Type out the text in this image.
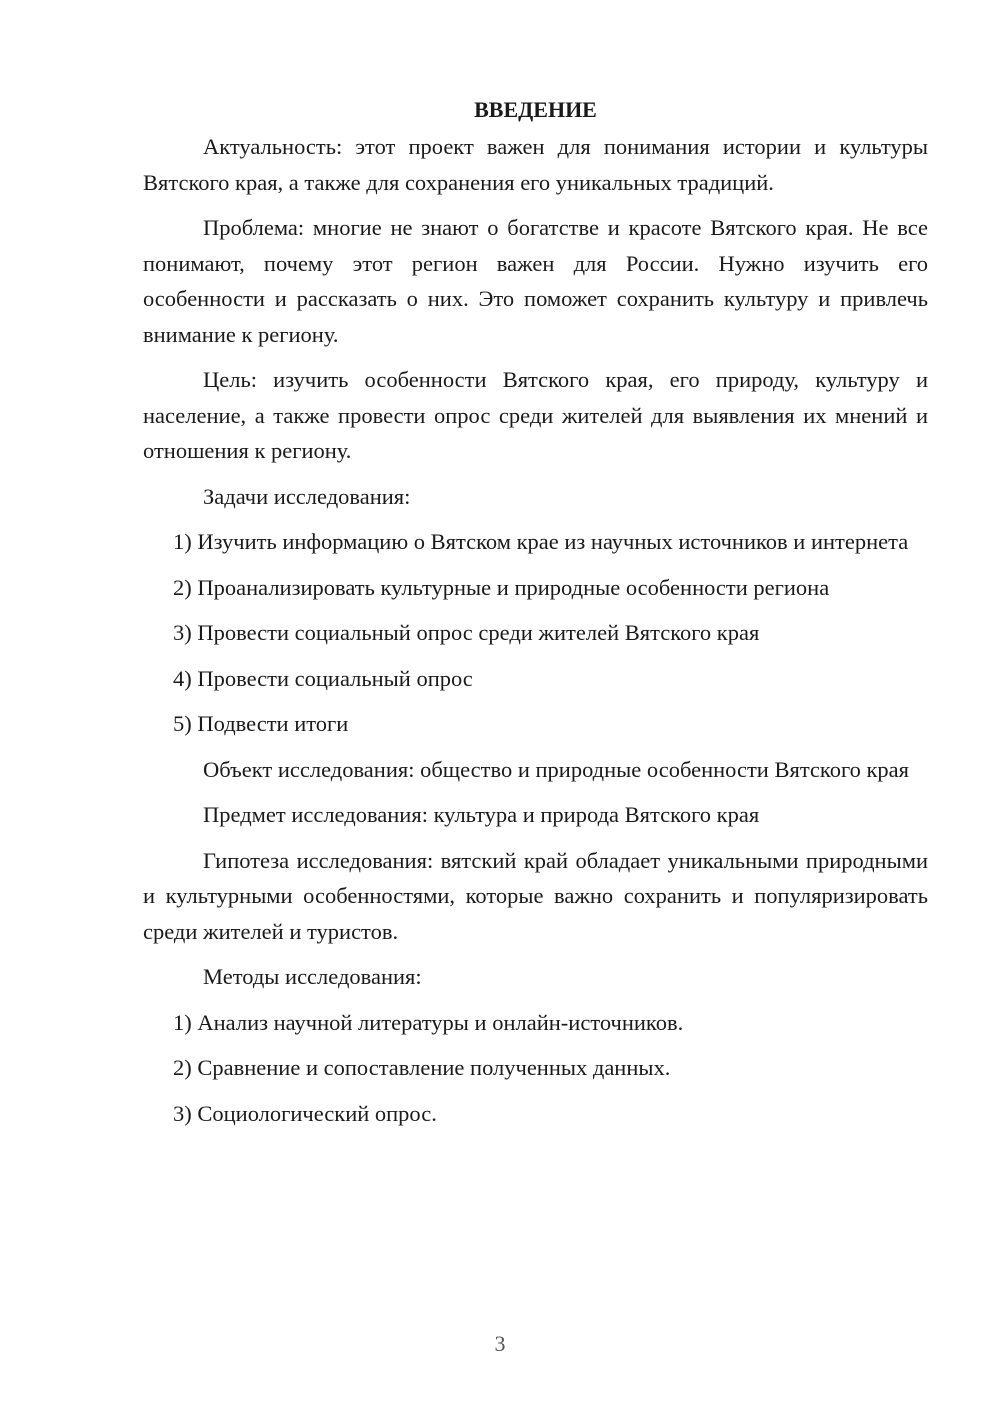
ВВЕДЕНИЕ

Актуальность: этот проект важен для понимания истории и культуры Вятского края, а также для сохранения его уникальных традиций.

Проблема: многие не знают о богатстве и красоте Вятского края. Не все понимают, почему этот регион важен для России. Нужно изучить его особенности и рассказать о них. Это поможет сохранить культуру и привлечь внимание к региону.

Цель: изучить особенности Вятского края, его природу, культуру и население, а также провести опрос среди жителей для выявления их мнений и отношения к региону.

Задачи исследования:

1) Изучить информацию о Вятском крае из научных источников и интернета

2) Проанализировать культурные и природные особенности региона

3) Провести социальный опрос среди жителей Вятского края

4) Провести социальный опрос

5) Подвести итоги

Объект исследования: общество и природные особенности Вятского края

Предмет исследования: культура и природа Вятского края

Гипотеза исследования: вятский край обладает уникальными природными и культурными особенностями, которые важно сохранить и популяризировать среди жителей и туристов.

Методы исследования:

1) Анализ научной литературы и онлайн-источников.

2) Сравнение и сопоставление полученных данных.

3) Социологический опрос.

3
